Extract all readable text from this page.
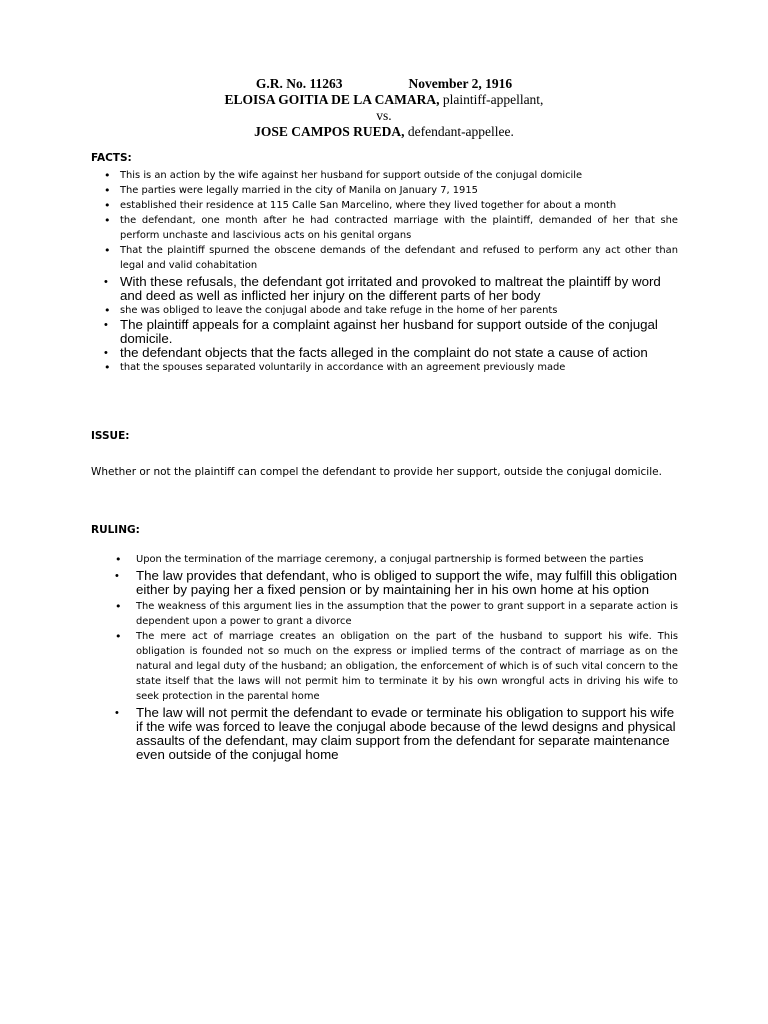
G.R. No. 11263	November 2, 1916
ELOISA GOITIA DE LA CAMARA, plaintiff-appellant,
vs.
JOSE CAMPOS RUEDA, defendant-appellee.
FACTS:
• This is an action by the wife against her husband for support outside of the conjugal domicile
• The parties were legally married in the city of Manila on January 7, 1915
• established their residence at 115 Calle San Marcelino, where they lived together for about a month
• the defendant, one month after he had contracted marriage with the plaintiff, demanded of her that she perform unchaste and lascivious acts on his genital organs
• That the plaintiff spurned the obscene demands of the defendant and refused to perform any act other than legal and valid cohabitation
• With these refusals, the defendant got irritated and provoked to maltreat the plaintiff by word and deed as well as inflicted her injury on the different parts of her body
• she was obliged to leave the conjugal abode and take refuge in the home of her parents
• The plaintiff appeals for a complaint against her husband for support outside of the conjugal domicile.
• the defendant objects that the facts alleged in the complaint do not state a cause of action
• that the spouses separated voluntarily in accordance with an agreement previously made
ISSUE:
Whether or not the plaintiff can compel the defendant to provide her support, outside the conjugal domicile.
RULING:
• Upon the termination of the marriage ceremony, a conjugal partnership is formed between the parties
• The law provides that defendant, who is obliged to support the wife, may fulfill this obligation either by paying her a fixed pension or by maintaining her in his own home at his option
• The weakness of this argument lies in the assumption that the power to grant support in a separate action is dependent upon a power to grant a divorce
• The mere act of marriage creates an obligation on the part of the husband to support his wife. This obligation is founded not so much on the express or implied terms of the contract of marriage as on the natural and legal duty of the husband; an obligation, the enforcement of which is of such vital concern to the state itself that the laws will not permit him to terminate it by his own wrongful acts in driving his wife to seek protection in the parental home
• The law will not permit the defendant to evade or terminate his obligation to support his wife if the wife was forced to leave the conjugal abode because of the lewd designs and physical assaults of the defendant, may claim support from the defendant for separate maintenance even outside of the conjugal home
